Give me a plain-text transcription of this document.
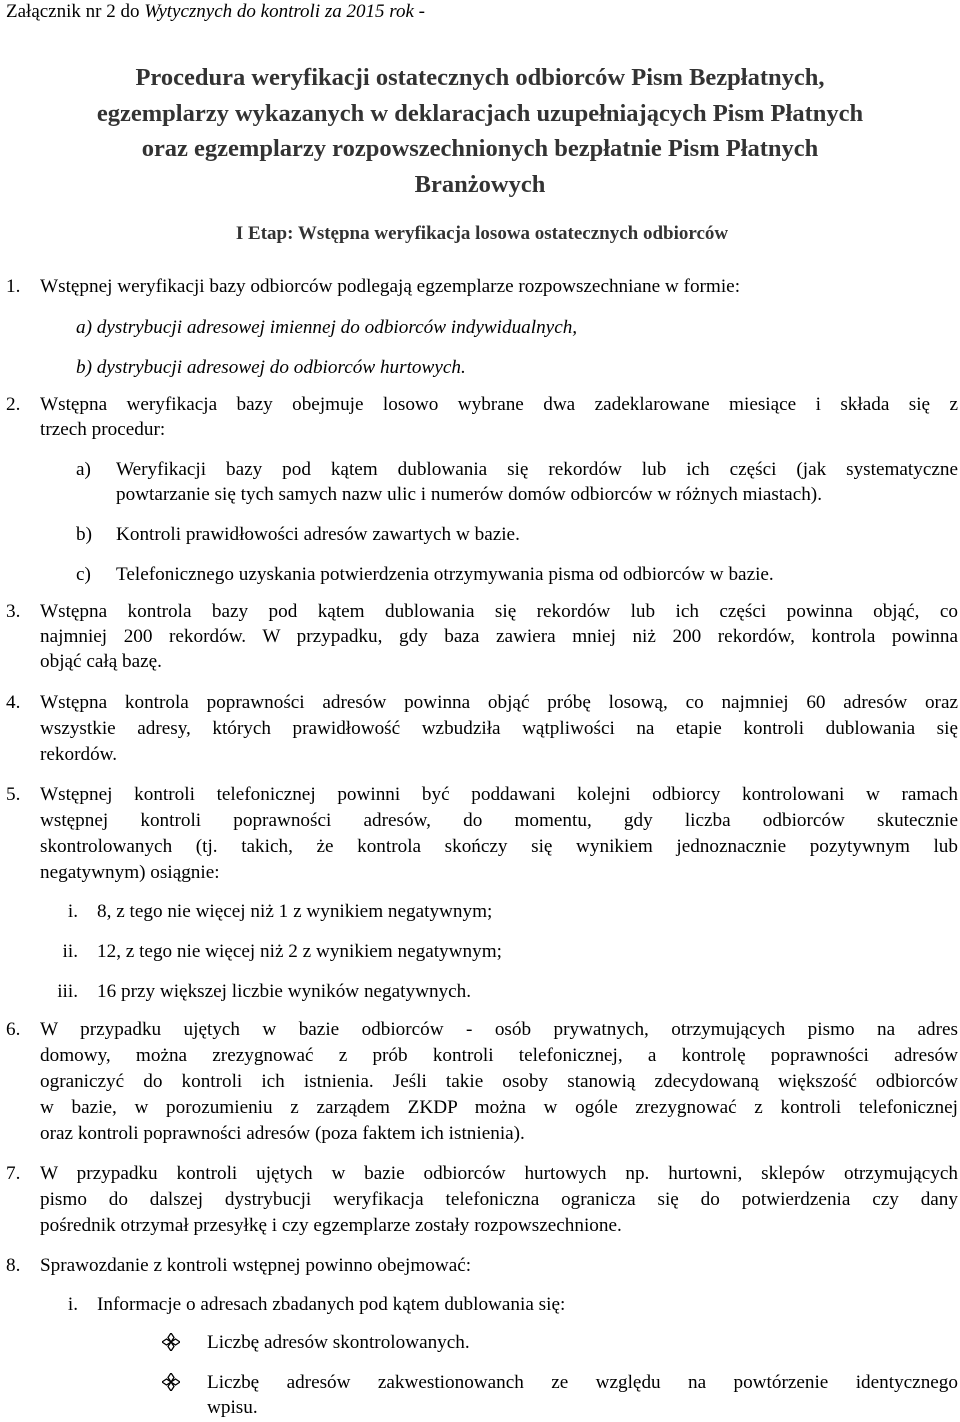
Załącznik nr 2 do Wytycznych do kontroli za 2015 rok -
Procedura weryfikacji ostatecznych odbiorców Pism Bezpłatnych,
egzemplarzy wykazanych w deklaracjach uzupełniających Pism Płatnych
oraz egzemplarzy rozpowszechnionych bezpłatnie Pism Płatnych
Branżowych
I Etap: Wstępna weryfikacja losowa ostatecznych odbiorców
1. Wstępnej weryfikacji bazy odbiorców podlegają egzemplarze rozpowszechniane w formie:
a) dystrybucji adresowej imiennej do odbiorców indywidualnych,
b) dystrybucji adresowej do odbiorców hurtowych.
2. Wstępna weryfikacja bazy obejmuje losowo wybrane dwa zadeklarowane miesiące i składa się z
trzech procedur:
a) Weryfikacji bazy pod kątem dublowania się rekordów lub ich części (jak systematyczne
powtarzanie się tych samych nazw ulic i numerów domów odbiorców w różnych miastach).
b) Kontroli prawidłowości adresów zawartych w bazie.
c) Telefonicznego uzyskania potwierdzenia otrzymywania pisma od odbiorców w bazie.
3. Wstępna kontrola bazy pod kątem dublowania się rekordów lub ich części powinna objąć, co
najmniej 200 rekordów. W przypadku, gdy baza zawiera mniej niż 200 rekordów, kontrola powinna
objąć całą bazę.
4. Wstępna kontrola poprawności adresów powinna objąć próbę losową, co najmniej 60 adresów oraz
wszystkie adresy, których prawidłowość wzbudziła wątpliwości na etapie kontroli dublowania się
rekordów.
5. Wstępnej kontroli telefonicznej powinni być poddawani kolejni odbiorcy kontrolowani w ramach
wstępnej kontroli poprawności adresów, do momentu, gdy liczba odbiorców skutecznie
skontrolowanych (tj. takich, że kontrola skończy się wynikiem jednoznacznie pozytywnym lub
negatywnym) osiągnie:
i. 8, z tego nie więcej niż 1 z wynikiem negatywnym;
ii. 12, z tego nie więcej niż 2 z wynikiem negatywnym;
iii. 16 przy większej liczbie wyników negatywnych.
6. W przypadku ujętych w bazie odbiorców - osób prywatnych, otrzymujących pismo na adres
domowy, można zrezygnować z prób kontroli telefonicznej, a kontrolę poprawności adresów
ograniczyć do kontroli ich istnienia. Jeśli takie osoby stanowią zdecydowaną większość odbiorców
w bazie, w porozumieniu z zarządem ZKDP można w ogóle zrezygnować z kontroli telefonicznej
oraz kontroli poprawności adresów (poza faktem ich istnienia).
7. W przypadku kontroli ujętych w bazie odbiorców hurtowych np. hurtowni, sklepów otrzymujących
pismo do dalszej dystrybucji weryfikacja telefoniczna ogranicza się do potwierdzenia czy dany
pośrednik otrzymał przesyłkę i czy egzemplarze zostały rozpowszechnione.
8. Sprawozdanie z kontroli wstępnej powinno obejmować:
i. Informacje o adresach zbadanych pod kątem dublowania się:
Liczbę adresów skontrolowanych.
Liczbę adresów zakwestionowanch ze względu na powtórzenie identycznego
wpisu.
